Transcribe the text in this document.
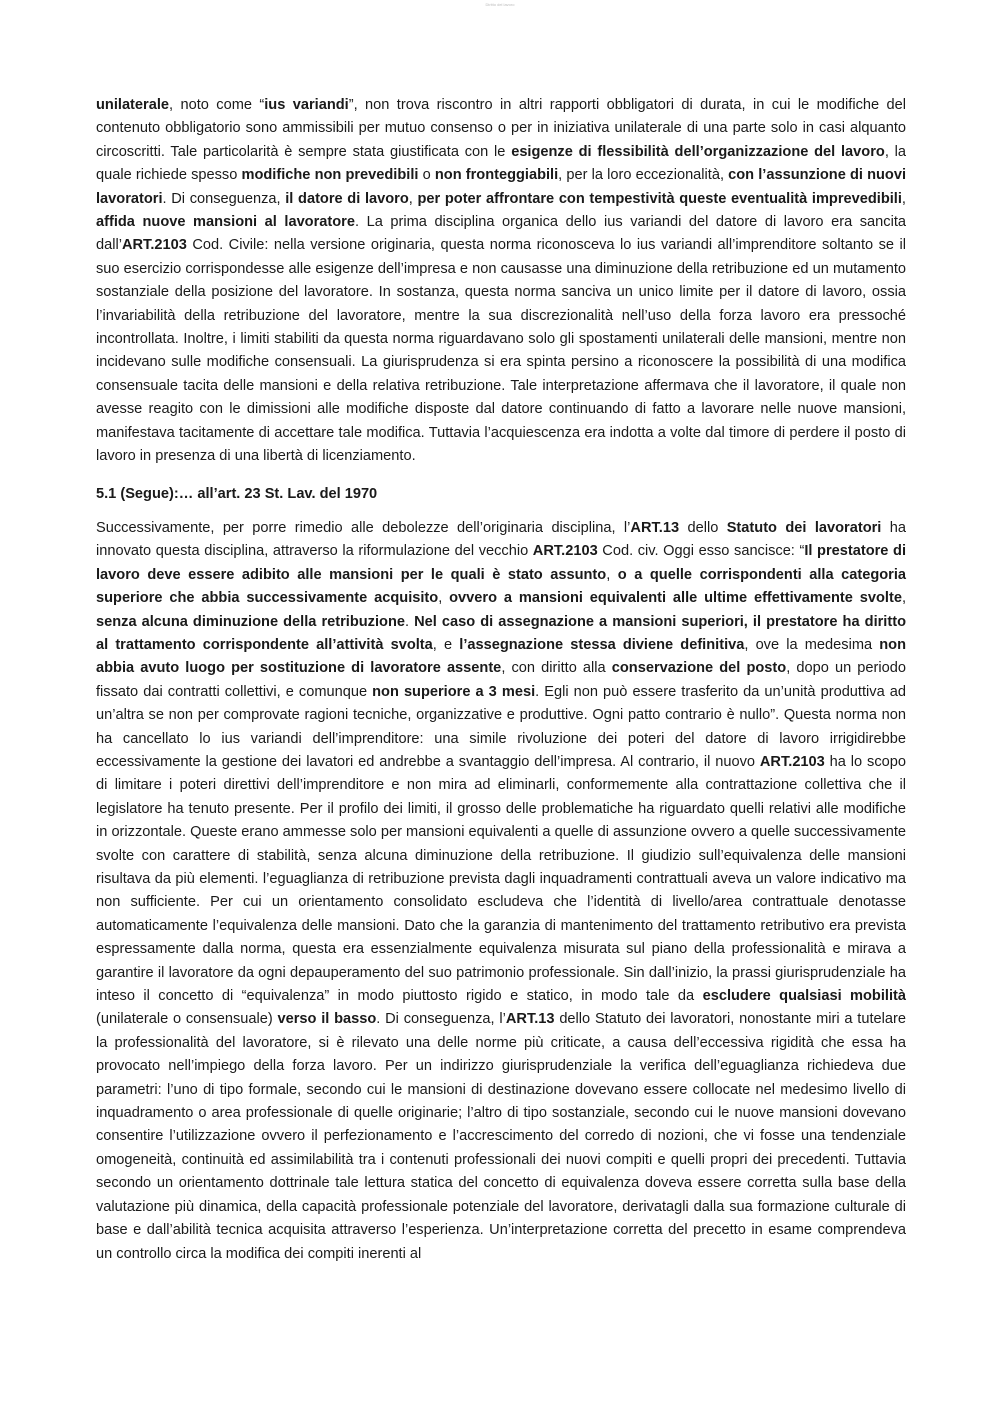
Diritto del lavoro

unilaterale, noto come “ius variandi”, non trova riscontro in altri rapporti obbligatori di durata, in cui le modifiche del contenuto obbligatorio sono ammissibili per mutuo consenso o per in iniziativa unilaterale di una parte solo in casi alquanto circoscritti. Tale particolarità è sempre stata giustificata con le esigenze di flessibilità dell’organizzazione del lavoro, la quale richiede spesso modifiche non prevedibili o non fronteggiabili, per la loro eccezionalità, con l’assunzione di nuovi lavoratori. Di conseguenza, il datore di lavoro, per poter affrontare con tempestività queste eventualità imprevedibili, affida nuove mansioni al lavoratore. La prima disciplina organica dello ius variandi del datore di lavoro era sancita dall’ART.2103 Cod. Civile: nella versione originaria, questa norma riconosceva lo ius variandi all’imprenditore soltanto se il suo esercizio corrispondesse alle esigenze dell’impresa e non causasse una diminuzione della retribuzione ed un mutamento sostanziale della posizione del lavoratore. In sostanza, questa norma sanciva un unico limite per il datore di lavoro, ossia l’invariabilità della retribuzione del lavoratore, mentre la sua discrezionalità nell’uso della forza lavoro era pressoché incontrollata. Inoltre, i limiti stabiliti da questa norma riguardavano solo gli spostamenti unilaterali delle mansioni, mentre non incidevano sulle modifiche consensuali. La giurisprudenza si era spinta persino a riconoscere la possibilità di una modifica consensuale tacita delle mansioni e della relativa retribuzione. Tale interpretazione affermava che il lavoratore, il quale non avesse reagito con le dimissioni alle modifiche disposte dal datore continuando di fatto a lavorare nelle nuove mansioni, manifestava tacitamente di accettare tale modifica. Tuttavia l’acquiescenza era indotta a volte dal timore di perdere il posto di lavoro in presenza di una libertà di licenziamento.

5.1 (Segue):… all’art. 23 St. Lav. del 1970

Successivamente, per porre rimedio alle debolezze dell’originaria disciplina, l’ART.13 dello Statuto dei lavoratori ha innovato questa disciplina, attraverso la riformulazione del vecchio ART.2103 Cod. civ. Oggi esso sancisce: “Il prestatore di lavoro deve essere adibito alle mansioni per le quali è stato assunto, o a quelle corrispondenti alla categoria superiore che abbia successivamente acquisito, ovvero a mansioni equivalenti alle ultime effettivamente svolte, senza alcuna diminuzione della retribuzione. Nel caso di assegnazione a mansioni superiori, il prestatore ha diritto al trattamento corrispondente all’attività svolta, e l’assegnazione stessa diviene definitiva, ove la medesima non abbia avuto luogo per sostituzione di lavoratore assente, con diritto alla conservazione del posto, dopo un periodo fissato dai contratti collettivi, e comunque non superiore a 3 mesi. Egli non può essere trasferito da un’unità produttiva ad un’altra se non per comprovate ragioni tecniche, organizzative e produttive. Ogni patto contrario è nullo”. Questa norma non ha cancellato lo ius variandi dell’imprenditore: una simile rivoluzione dei poteri del datore di lavoro irrigidirebbe eccessivamente la gestione dei lavatori ed andrebbe a svantaggio dell’impresa. Al contrario, il nuovo ART.2103 ha lo scopo di limitare i poteri direttivi dell’imprenditore e non mira ad eliminarli, conformemente alla contrattazione collettiva che il legislatore ha tenuto presente. Per il profilo dei limiti, il grosso delle problematiche ha riguardato quelli relativi alle modifiche in orizzontale. Queste erano ammesse solo per mansioni equivalenti a quelle di assunzione ovvero a quelle successivamente svolte con carattere di stabilità, senza alcuna diminuzione della retribuzione. Il giudizio sull’equivalenza delle mansioni risultava da più elementi. l’eguaglianza di retribuzione prevista dagli inquadramenti contrattuali aveva un valore indicativo ma non sufficiente. Per cui un orientamento consolidato escludeva che l’identità di livello/area contrattuale denotasse automaticamente l’equivalenza delle mansioni. Dato che la garanzia di mantenimento del trattamento retributivo era prevista espressamente dalla norma, questa era essenzialmente equivalenza misurata sul piano della professionalità e mirava a garantire il lavoratore da ogni depauperamento del suo patrimonio professionale. Sin dall’inizio, la prassi giurisprudenziale ha inteso il concetto di “equivalenza” in modo piuttosto rigido e statico, in modo tale da escludere qualsiasi mobilità (unilaterale o consensuale) verso il basso. Di conseguenza, l’ART.13 dello Statuto dei lavoratori, nonostante miri a tutelare la professionalità del lavoratore, si è rilevato una delle norme più criticate, a causa dell’eccessiva rigidità che essa ha provocato nell’impiego della forza lavoro. Per un indirizzo giurisprudenziale la verifica dell’eguaglianza richiedeva due parametri: l’uno di tipo formale, secondo cui le mansioni di destinazione dovevano essere collocate nel medesimo livello di inquadramento o area professionale di quelle originarie; l’altro di tipo sostanziale, secondo cui le nuove mansioni dovevano consentire l’utilizzazione ovvero il perfezionamento e l’accrescimento del corredo di nozioni, che vi fosse una tendenziale omogeneità, continuità ed assimilabilità tra i contenuti professionali dei nuovi compiti e quelli propri dei precedenti. Tuttavia secondo un orientamento dottrinale tale lettura statica del concetto di equivalenza doveva essere corretta sulla base della valutazione più dinamica, della capacità professionale potenziale del lavoratore, derivatagli dalla sua formazione culturale di base e dall’abilità tecnica acquisita attraverso l’esperienza. Un’interpretazione corretta del precetto in esame comprendeva un controllo circa la modifica dei compiti inerenti al
